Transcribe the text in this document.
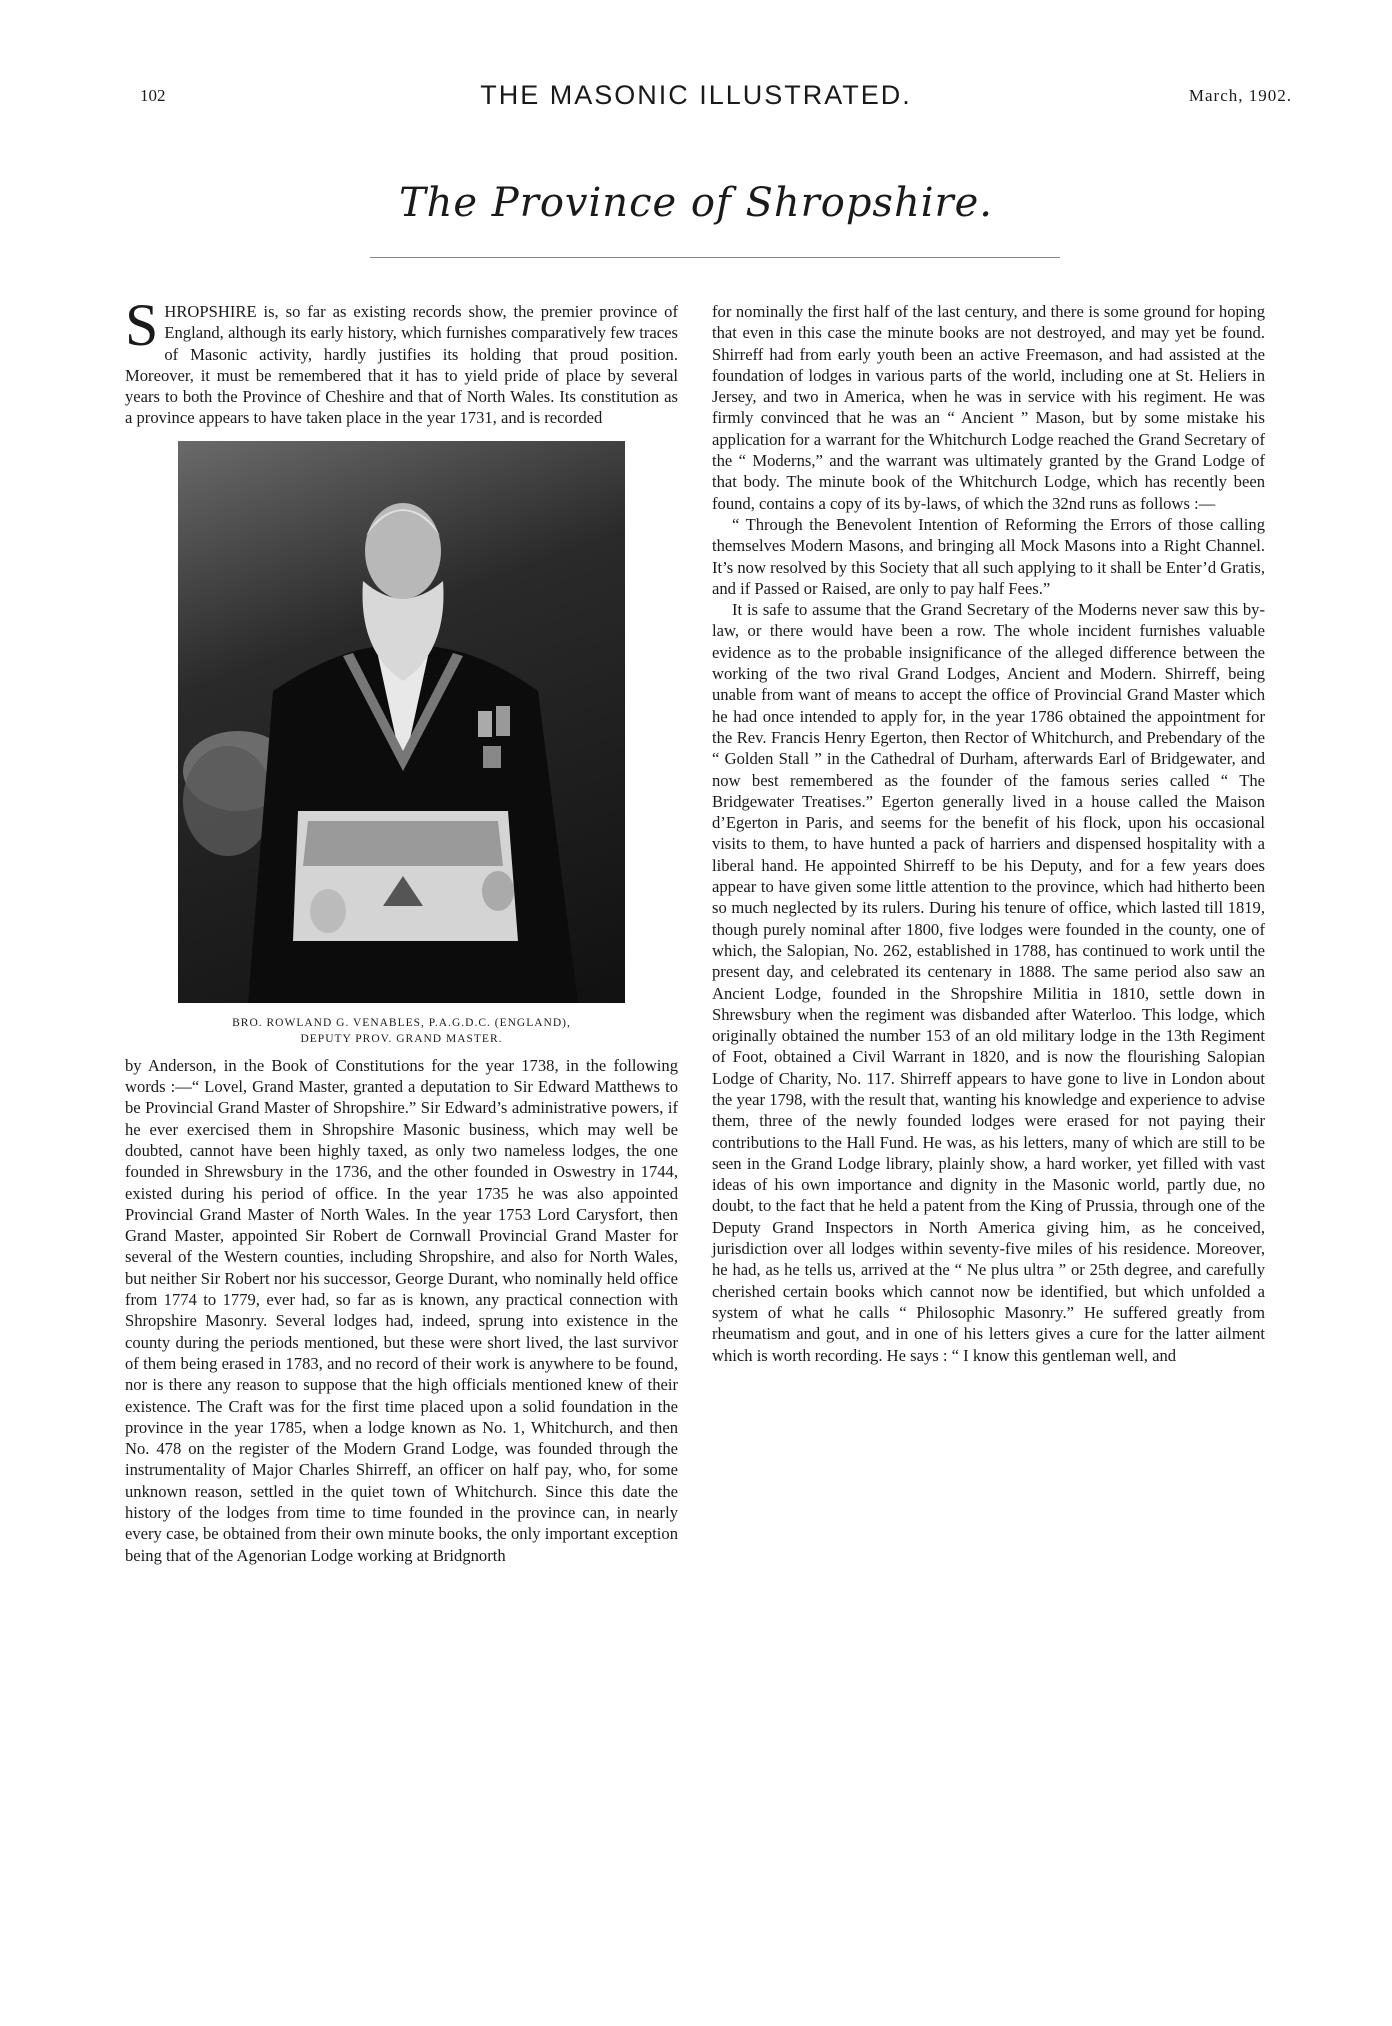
102	THE MASONIC ILLUSTRATED.	March, 1902.
The Province of Shropshire.

SHROPSHIRE is, so far as existing records show, the premier province of England, although its early history, which furnishes comparatively few traces of Masonic activity, hardly justifies its holding that proud position. Moreover, it must be remembered that it has to yield pride of place by several years to both the Province of Cheshire and that of North Wales. Its constitution as a province appears to have taken place in the year 1731, and is recorded

BRO. ROWLAND G. VENABLES, P.A.G.D.C. (ENGLAND),
DEPUTY PROV. GRAND MASTER.

by Anderson, in the Book of Constitutions for the year 1738, in the following words :—“ Lovel, Grand Master, granted a deputation to Sir Edward Matthews to be Provincial Grand Master of Shropshire.” Sir Edward’s administrative powers, if he ever exercised them in Shropshire Masonic business, which may well be doubted, cannot have been highly taxed, as only two nameless lodges, the one founded in Shrewsbury in the 1736, and the other founded in Oswestry in 1744, existed during his period of office. In the year 1735 he was also appointed Provincial Grand Master of North Wales. In the year 1753 Lord Carysfort, then Grand Master, appointed Sir Robert de Cornwall Provincial Grand Master for several of the Western counties, including Shropshire, and also for North Wales, but neither Sir Robert nor his successor, George Durant, who nominally held office from 1774 to 1779, ever had, so far as is known, any practical connection with Shropshire Masonry. Several lodges had, indeed, sprung into existence in the county during the periods mentioned, but these were short lived, the last survivor of them being erased in 1783, and no record of their work is anywhere to be found, nor is there any reason to suppose that the high officials mentioned knew of their existence. The Craft was for the first time placed upon a solid foundation in the province in the year 1785, when a lodge known as No. 1, Whitchurch, and then No. 478 on the register of the Modern Grand Lodge, was founded through the instrumentality of Major Charles Shirreff, an officer on half pay, who, for some unknown reason, settled in the quiet town of Whitchurch. Since this date the history of the lodges from time to time founded in the province can, in nearly every case, be obtained from their own minute books, the only important exception being that of the Agenorian Lodge working at Bridgnorth

for nominally the first half of the last century, and there is some ground for hoping that even in this case the minute books are not destroyed, and may yet be found. Shirreff had from early youth been an active Freemason, and had assisted at the foundation of lodges in various parts of the world, including one at St. Heliers in Jersey, and two in America, when he was in service with his regiment. He was firmly convinced that he was an “ Ancient ” Mason, but by some mistake his application for a warrant for the Whitchurch Lodge reached the Grand Secretary of the “ Moderns,” and the warrant was ultimately granted by the Grand Lodge of that body. The minute book of the Whitchurch Lodge, which has recently been found, contains a copy of its by-laws, of which the 32nd runs as follows :—

“ Through the Benevolent Intention of Reforming the Errors of those calling themselves Modern Masons, and bringing all Mock Masons into a Right Channel. It’s now resolved by this Society that all such applying to it shall be Enter’d Gratis, and if Passed or Raised, are only to pay half Fees.”

It is safe to assume that the Grand Secretary of the Moderns never saw this by-law, or there would have been a row. The whole incident furnishes valuable evidence as to the probable insignificance of the alleged difference between the working of the two rival Grand Lodges, Ancient and Modern. Shirreff, being unable from want of means to accept the office of Provincial Grand Master which he had once intended to apply for, in the year 1786 obtained the appointment for the Rev. Francis Henry Egerton, then Rector of Whitchurch, and Prebendary of the “ Golden Stall ” in the Cathedral of Durham, afterwards Earl of Bridgewater, and now best remembered as the founder of the famous series called “ The Bridgewater Treatises.” Egerton generally lived in a house called the Maison d’Egerton in Paris, and seems for the benefit of his flock, upon his occasional visits to them, to have hunted a pack of harriers and dispensed hospitality with a liberal hand. He appointed Shirreff to be his Deputy, and for a few years does appear to have given some little attention to the province, which had hitherto been so much neglected by its rulers. During his tenure of office, which lasted till 1819, though purely nominal after 1800, five lodges were founded in the county, one of which, the Salopian, No. 262, established in 1788, has continued to work until the present day, and celebrated its centenary in 1888. The same period also saw an Ancient Lodge, founded in the Shropshire Militia in 1810, settle down in Shrewsbury when the regiment was disbanded after Waterloo. This lodge, which originally obtained the number 153 of an old military lodge in the 13th Regiment of Foot, obtained a Civil Warrant in 1820, and is now the flourishing Salopian Lodge of Charity, No. 117. Shirreff appears to have gone to live in London about the year 1798, with the result that, wanting his knowledge and experience to advise them, three of the newly founded lodges were erased for not paying their contributions to the Hall Fund. He was, as his letters, many of which are still to be seen in the Grand Lodge library, plainly show, a hard worker, yet filled with vast ideas of his own importance and dignity in the Masonic world, partly due, no doubt, to the fact that he held a patent from the King of Prussia, through one of the Deputy Grand Inspectors in North America giving him, as he conceived, jurisdiction over all lodges within seventy-five miles of his residence. Moreover, he had, as he tells us, arrived at the “ Ne plus ultra ” or 25th degree, and carefully cherished certain books which cannot now be identified, but which unfolded a system of what he calls “ Philosophic Masonry.” He suffered greatly from rheumatism and gout, and in one of his letters gives a cure for the latter ailment which is worth recording. He says : “ I know this gentleman well, and
